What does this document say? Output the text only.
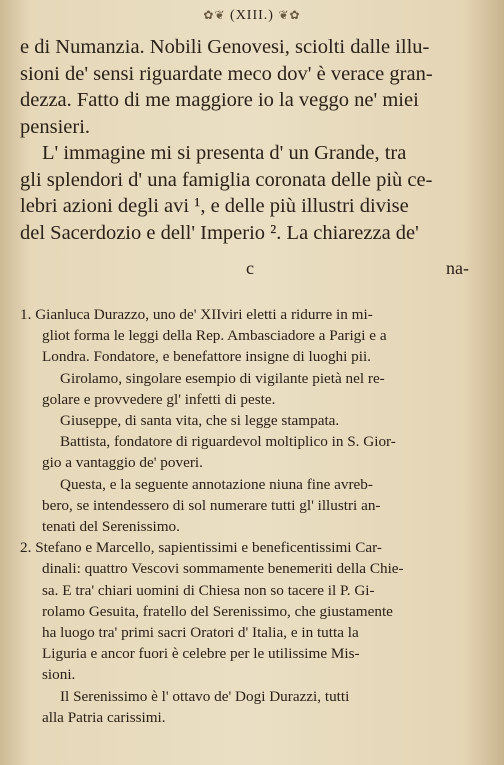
✿❦ (XIII.) ❦✿
e di Numanzia. Nobili Genovesi, sciolti dalle illu-
sioni de' sensi riguardate meco dov' è verace gran-
dezza. Fatto di me maggiore io la veggo ne' miei
pensieri.
L' immagine mi si presenta d' un Grande, tra
gli splendori d' una famiglia coronata delle più ce-
lebri azioni degli avi ¹, e delle più illustri divise
del Sacerdozio e dell' Imperio ². La chiarezza de'
c	na-
1. Gianluca Durazzo, uno de' XIIviri eletti a ridurre in mi-
gliot forma le leggi della Rep. Ambasciadore a Parigi e a
Londra. Fondatore, e benefattore insigne di luoghi pii.
Girolamo, singolare esempio di vigilante pietà nel re-
golare e provvedere gl' infetti di peste.
Giuseppe, di santa vita, che si legge stampata.
Battista, fondatore di riguardevol moltiplico in S. Gior-
gio a vantaggio de' poveri.
Questa, e la seguente annotazione niuna fine avreb-
bero, se intendessero di sol numerare tutti gl' illustri an-
tenati del Serenissimo.
2. Stefano e Marcello, sapientissimi e beneficentissimi Car-
dinali: quattro Vescovi sommamente benemeriti della Chie-
sa. E tra' chiari uomini di Chiesa non so tacere il P. Gi-
rolamo Gesuita, fratello del Serenissimo, che giustamente
ha luogo tra' primi sacri Oratori d' Italia, e in tutta la
Liguria e ancor fuori è celebre per le utilissime Mis-
sioni.
Il Serenissimo è l' ottavo de' Dogi Durazzi, tutti
alla Patria carissimi.
